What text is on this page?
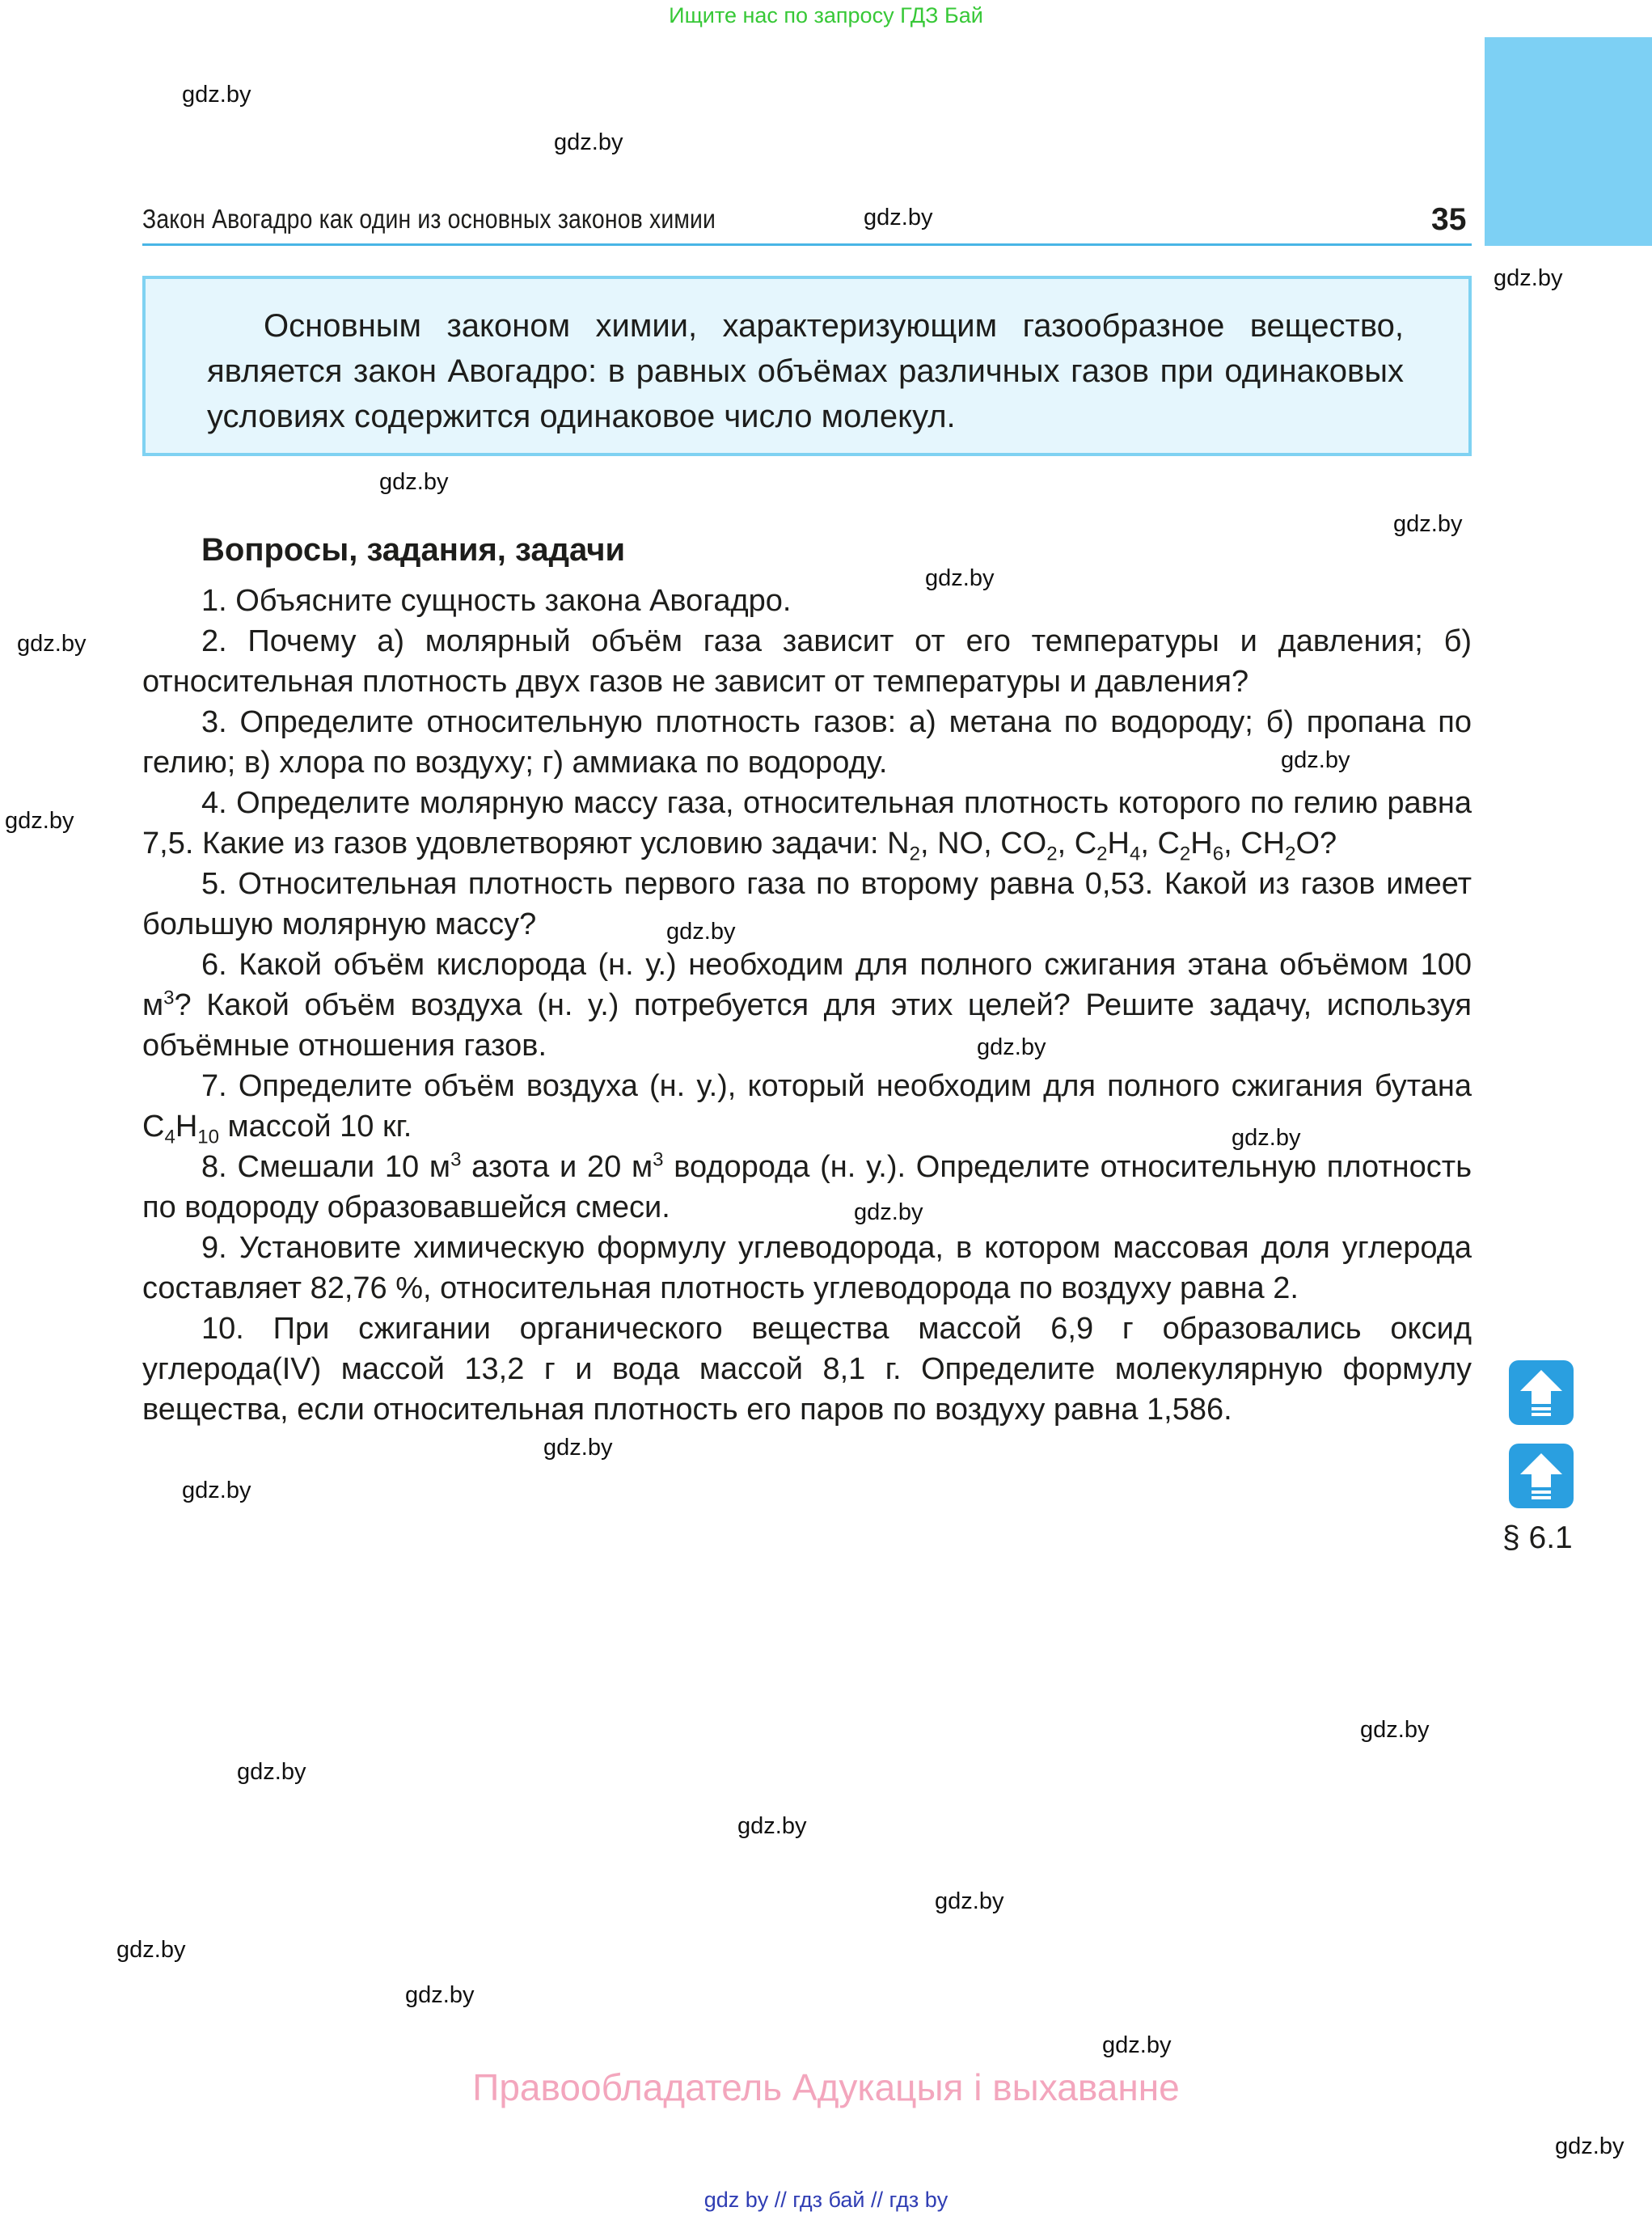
Ищите нас по запросу ГДЗ Бай
Закон Авогадро как один из основных законов химии	35
Основным законом химии, характеризующим газообразное вещество, является закон Авогадро: в равных объёмах различных газов при одинаковых условиях содержится одинаковое число молекул.
Вопросы, задания, задачи

1. Объясните сущность закона Авогадро.

2. Почему а) молярный объём газа зависит от его температуры и давления; б) относительная плотность двух газов не зависит от температуры и давления?

3. Определите относительную плотность газов: а) метана по водороду; б) пропана по гелию; в) хлора по воздуху; г) аммиака по водороду.

4. Определите молярную массу газа, относительная плотность которого по гелию равна 7,5. Какие из газов удовлетворяют условию задачи: $N_2$, NO, $CO_2$, $C_2H_4$, $C_2H_6$, $CH_2O$?

5. Относительная плотность первого газа по второму равна 0,53. Какой из газов имеет большую молярную массу?

6. Какой объём кислорода (н. у.) необходим для полного сжигания этана объёмом 100 $м^3$? Какой объём воздуха (н. у.) потребуется для этих целей? Решите задачу, используя объёмные отношения газов.

7. Определите объём воздуха (н. у.), который необходим для полного сжигания бутана $C_4H_{10}$ массой 10 кг.

8. Смешали 10 $м^3$ азота и 20 $м^3$ водорода (н. у.). Определите относительную плотность по водороду образовавшейся смеси.

9. Установите химическую формулу углеводорода, в котором массовая доля углерода составляет 82,76 %, относительная плотность углеводорода по воздуху равна 2.

10. При сжигании органического вещества массой 6,9 г образовались оксид углерода(IV) массой 13,2 г и вода массой 8,1 г. Определите молекулярную формулу вещества, если относительная плотность его паров по воздуху равна 1,586.

§ 6.1
gdz.by
gdz.by
gdz.by
gdz.by
gdz.by
gdz.by
gdz.by
gdz.by
gdz.by
gdz.by
gdz.by
gdz.by
gdz.by
gdz.by
gdz.by
gdz.by
gdz.by
gdz.by
gdz.by
gdz.by
gdz.by
gdz.by
gdz.by
gdz.by
Правообладатель Адукацыя і выхаванне
gdz by // гдз бай // гдз by
